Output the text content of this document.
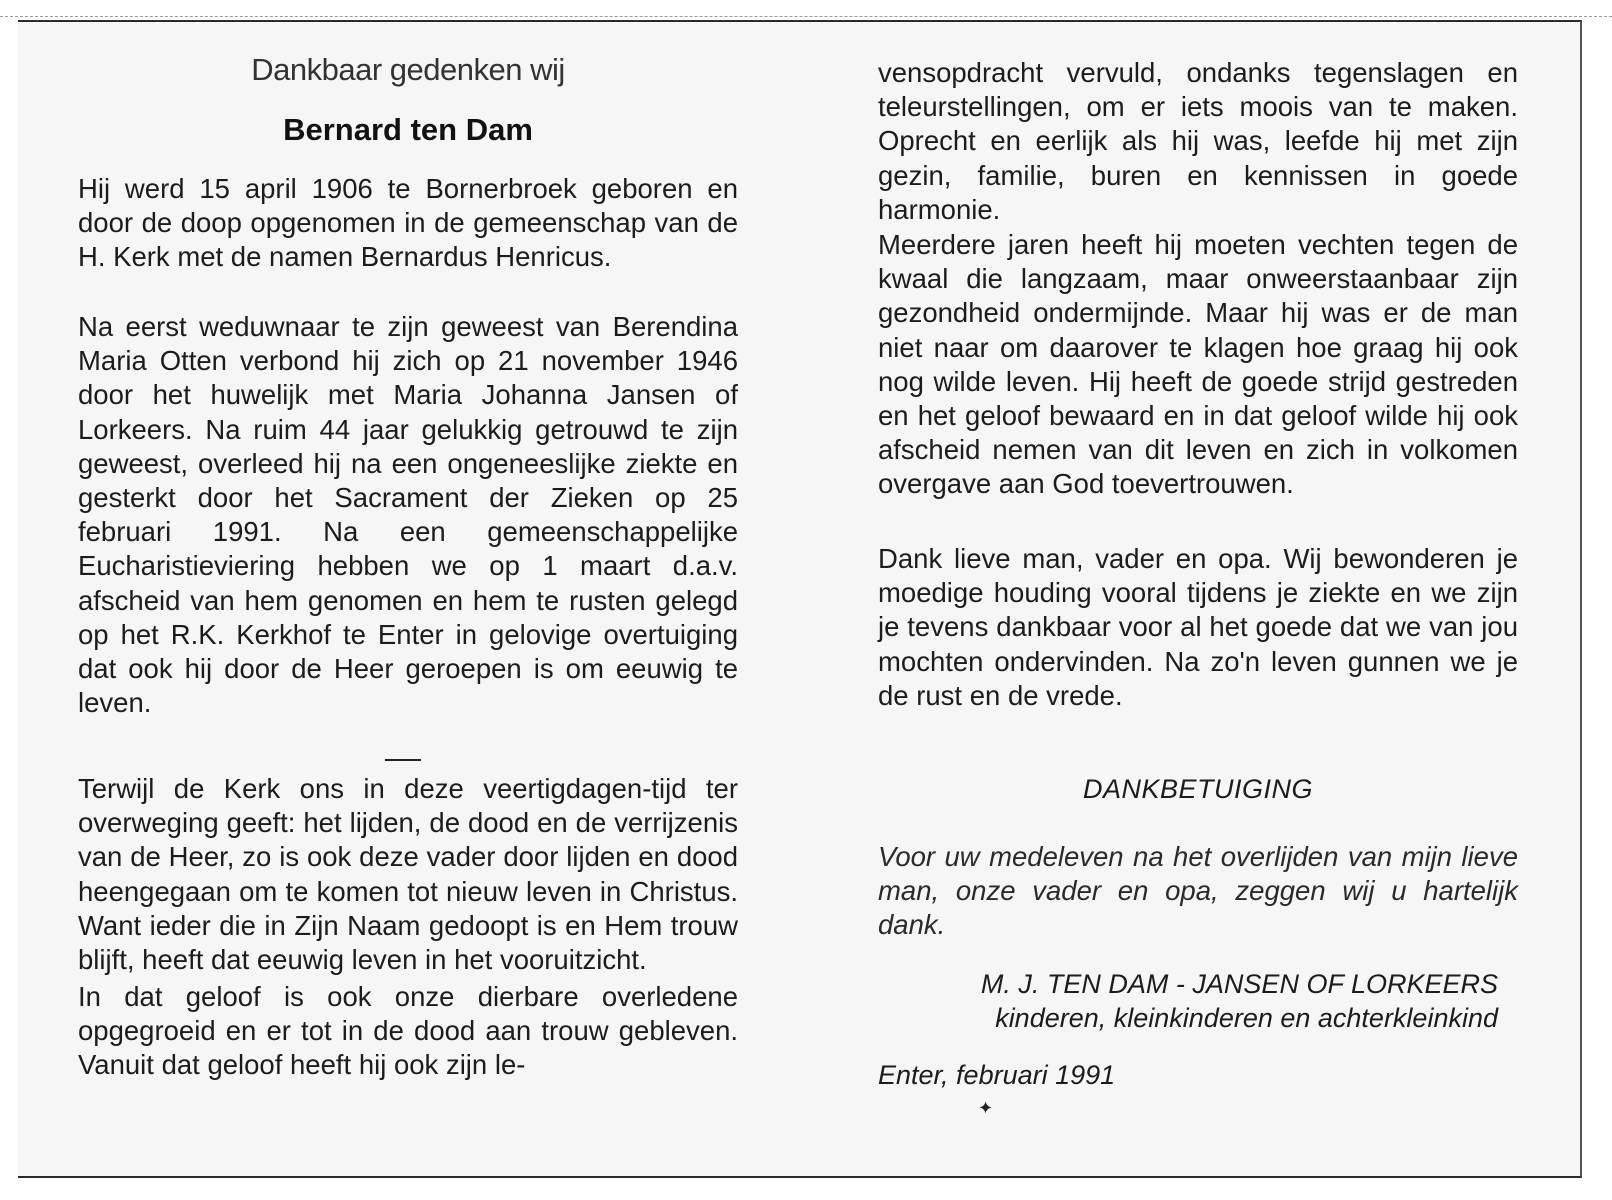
Dankbaar gedenken wij
Bernard ten Dam

Hij werd 15 april 1906 te Bornerbroek geboren en door de doop opgenomen in de gemeenschap van de H. Kerk met de namen Bernardus Henricus.

Na eerst weduwnaar te zijn geweest van Berendina Maria Otten verbond hij zich op 21 november 1946 door het huwelijk met Maria Johanna Jansen of Lorkeers. Na ruim 44 jaar gelukkig getrouwd te zijn geweest, overleed hij na een ongeneeslijke ziekte en gesterkt door het Sacrament der Zieken op 25 februari 1991. Na een gemeenschappelijke Eucharistieviering hebben we op 1 maart d.a.v. afscheid van hem genomen en hem te rusten gelegd op het R.K. Kerkhof te Enter in gelovige overtuiging dat ook hij door de Heer geroepen is om eeuwig te leven.

Terwijl de Kerk ons in deze veertigdagen-tijd ter overweging geeft: het lijden, de dood en de verrijzenis van de Heer, zo is ook deze vader door lijden en dood heengegaan om te komen tot nieuw leven in Christus. Want ieder die in Zijn Naam gedoopt is en Hem trouw blijft, heeft dat eeuwig leven in het vooruitzicht.

In dat geloof is ook onze dierbare overledene opgegroeid en er tot in de dood aan trouw gebleven. Vanuit dat geloof heeft hij ook zijn le-

vensopdracht vervuld, ondanks tegenslagen en teleurstellingen, om er iets moois van te maken. Oprecht en eerlijk als hij was, leefde hij met zijn gezin, familie, buren en kennissen in goede harmonie.

Meerdere jaren heeft hij moeten vechten tegen de kwaal die langzaam, maar onweerstaanbaar zijn gezondheid ondermijnde. Maar hij was er de man niet naar om daarover te klagen hoe graag hij ook nog wilde leven. Hij heeft de goede strijd gestreden en het geloof bewaard en in dat geloof wilde hij ook afscheid nemen van dit leven en zich in volkomen overgave aan God toevertrouwen.

Dank lieve man, vader en opa. Wij bewonderen je moedige houding vooral tijdens je ziekte en we zijn je tevens dankbaar voor al het goede dat we van jou mochten ondervinden. Na zo'n leven gunnen we je de rust en de vrede.

DANKBETUIGING

Voor uw medeleven na het overlijden van mijn lieve man, onze vader en opa, zeggen wij u hartelijk dank.

M. J. TEN DAM - JANSEN OF LORKEERS
kinderen, kleinkinderen en achterkleinkind
Enter, februari 1991
✦
